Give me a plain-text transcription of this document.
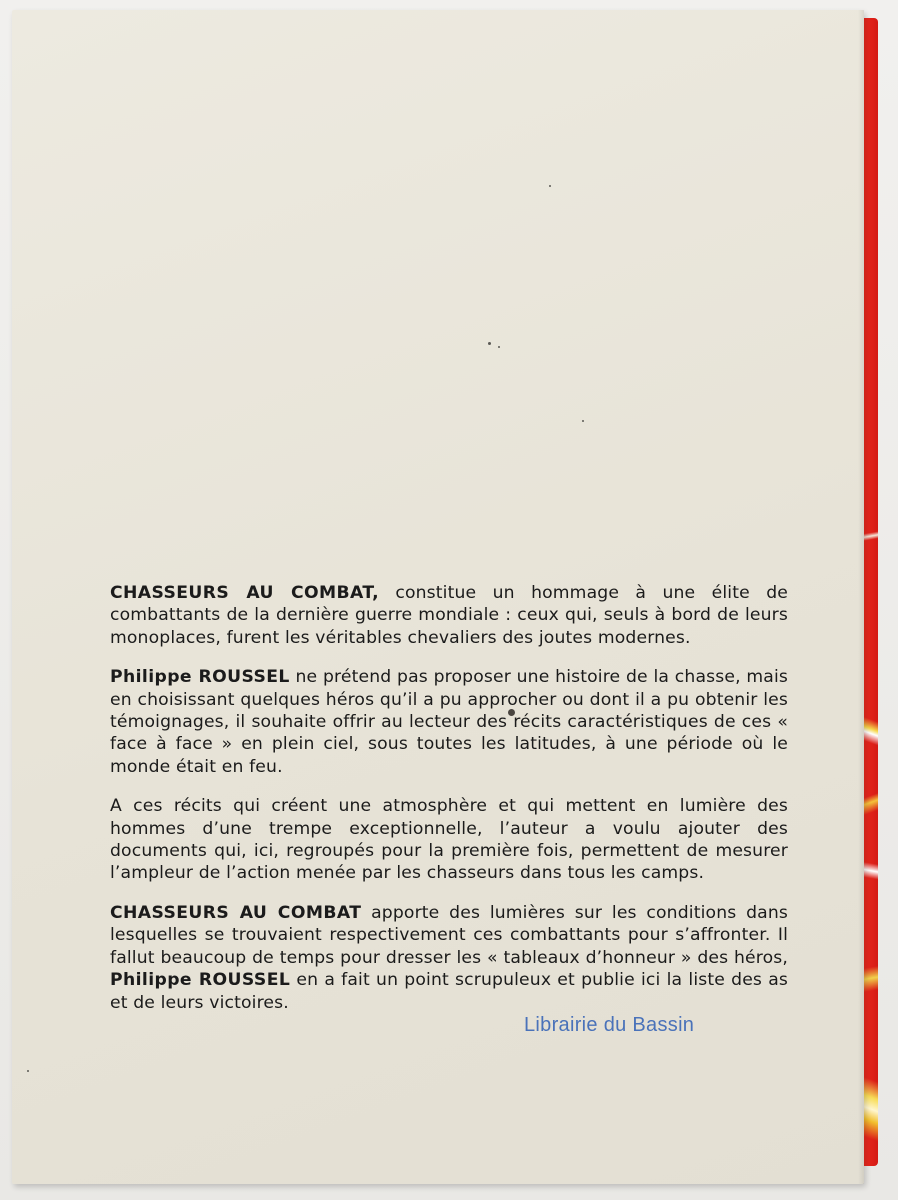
CHASSEURS AU COMBAT, constitue un hommage à une élite de combattants de la dernière guerre mondiale : ceux qui, seuls à bord de leurs monoplaces, furent les véritables chevaliers des joutes modernes.

Philippe ROUSSEL ne prétend pas proposer une histoire de la chasse, mais en choisissant quelques héros qu’il a pu approcher ou dont il a pu obtenir les témoignages, il souhaite offrir au lecteur des récits caractéristiques de ces « face à face » en plein ciel, sous toutes les latitudes, à une période où le monde était en feu.

A ces récits qui créent une atmosphère et qui mettent en lumière des hommes d’une trempe exceptionnelle, l’auteur a voulu ajouter des documents qui, ici, regroupés pour la première fois, permettent de mesurer l’ampleur de l’action menée par les chasseurs dans tous les camps.

CHASSEURS AU COMBAT apporte des lumières sur les conditions dans lesquelles se trouvaient respectivement ces combattants pour s’affronter. Il fallut beaucoup de temps pour dresser les « tableaux d’honneur » des héros, Philippe ROUSSEL en a fait un point scrupuleux et publie ici la liste des as et de leurs victoires.

Librairie du Bassin
